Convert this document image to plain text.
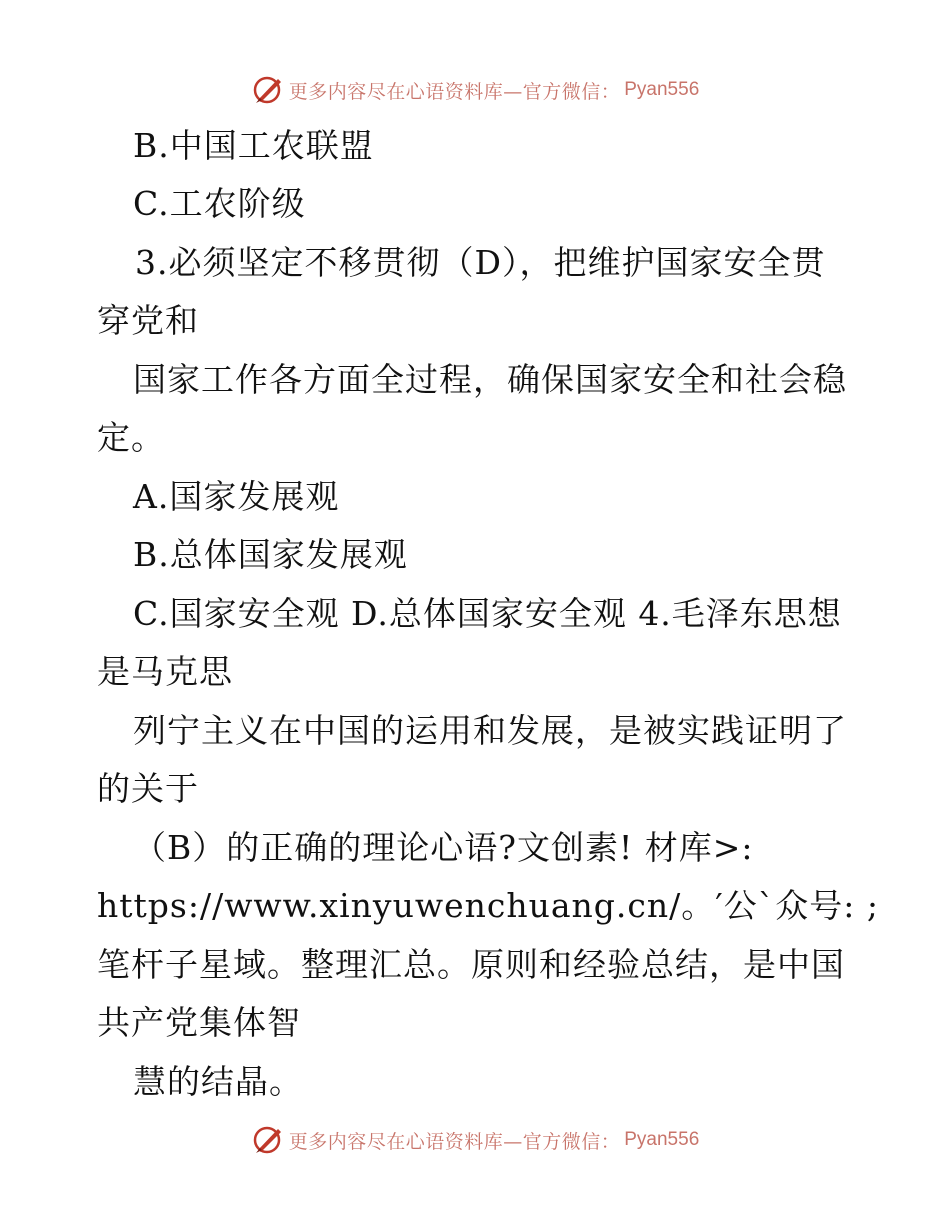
更多内容尽在心语资料库—官方微信： Pyan556
B.中国工农联盟
C.工农阶级
3.必须坚定不移贯彻（D），把维护国家安全贯
穿党和
国家工作各方面全过程，确保国家安全和社会稳
定。
A.国家发展观
B.总体国家发展观
C.国家安全观 D.总体国家安全观 4.毛泽东思想
是马克思
列宁主义在中国的运用和发展，是被实践证明了
的关于
（B）的正确的理论心语?文创素! 材库>:
https://www.xinyuwenchuang.cn/。′公`众号: ;
笔杆子星域。整理汇总。原则和经验总结，是中国
共产党集体智
慧的结晶。
更多内容尽在心语资料库—官方微信： Pyan556
